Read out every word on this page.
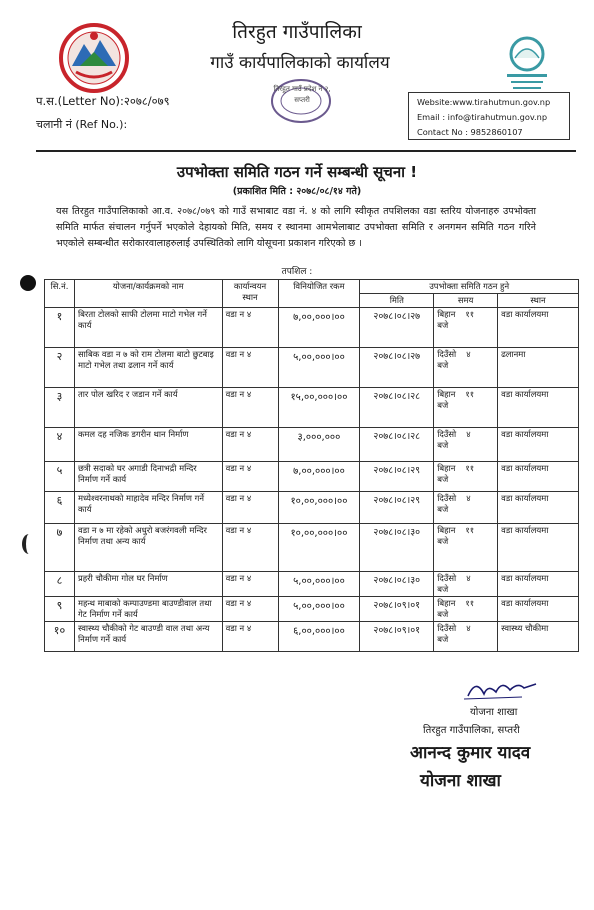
तिरहुत गाउँपालिका
गाउँ कार्यपालिकाको कार्यालय
तिरहुत गाउँ प्रदेश नं २, सप्तरी
प.स.(Letter No):२०७८/०७९
चलानी नं (Ref No.):
Website:www.tirahutmun.gov.np
Email : info@tirahutmun.gov.np
Contact No : 9852860107
उपभोक्ता समिति गठन गर्ने सम्बन्धी सूचना !
(प्रकाशित मिति : २०७८/०८/१४ गते)
यस तिरहुत गाउँपालिकाको आ.व. २०७८/०७९ को गाउँ सभाबाट वडा नं. ४ को लागि स्वीकृत तपशिलका वडा स्तरिय योजनाहरु उपभोक्ता समिति मार्फत संचालन गर्नुपर्ने भएकोले देहायको मिति, समय र स्थानमा आमभेलाबाट उपभोक्ता समिति र अनगमन समिति गठन गरिने भएकोले सम्बन्धीत सरोकारवालाहरुलाई उपस्थितिको लागि योसूचना प्रकाशन गरिएको छ ।
तपशिल :
सि.नं.	योजना/कार्यक्रमको नाम	कार्यान्वयन स्थान	विनियोजित रकम	उपभोक्ता समिति गठन हुने		
				मिति	समय	स्थान
१	बिरता टोलको साफी टोलमा माटो गभेल गर्ने कार्य	वडा न ४	७,००,०००।००	२०७८।०८।२७	बिहान ११
बजे	वडा कार्यालयमा
२	साबिक वडा न ७ को राम टोलमा बाटो छुटबाइ माटो गभेल तथा ढलान गर्ने कार्य	वडा न ४	५,००,०००।००	२०७८।०८।२७	दिउँसो ४
बजे	ढलानमा
३	तार पोल खरिद र जडान गर्ने कार्य	वडा न ४	१५,००,०००।००	२०७८।०८।२८	बिहान ११
बजे	वडा कार्यालयमा
४	कमल दह नजिक डगरीन थान निर्माण	वडा न ४	३,०००,०००	२०७८।०८।२८	दिउँसो ४
बजे	वडा कार्यालयमा
५	छत्री सदाको घर अगाडी दिनाभद्री मन्दिर निर्माण गर्ने कार्य	वडा न ४	७,००,०००।००	२०७८।०८।२९	बिहान ११
बजे	वडा कार्यालयमा
६	मध्येश्वरनाथको माहादेव मन्दिर निर्माण गर्ने कार्य	वडा न ४	१०,००,०००।००	२०७८।०८।२९	दिउँसो ४
बजे	वडा कार्यालयमा
७	वडा न ७ मा रहेको अधुरो बजरंगवली मन्दिर निर्माण तथा अन्य कार्य	वडा न ४	१०,००,०००।००	२०७८।०८।३०	बिहान ११
बजे	वडा कार्यालयमा
८	प्रहरी चौकीमा गोल घर निर्माण	वडा न ४	५,००,०००।००	२०७८।०८।३०	दिउँसो ४
बजे	वडा कार्यालयमा
९	महन्थ माबाको कम्पाउण्डमा बाउण्डीवाल तथा गेट निर्माण गर्ने कार्य	वडा न ४	५,००,०००।००	२०७८।०९।०१	बिहान ११
बजे	वडा कार्यालयमा
१०	स्वास्थ्य चौकीको गेट बाउण्डी वाल तथा अन्य निर्माण गर्ने कार्य	वडा न ४	६,००,०००।००	२०७८।०९।०१	दिउँसो ४
बजे	स्वास्थ्य चौकीमा
योजना शाखा
तिरहुत गाउँपालिका, सप्तरी
आनन्द कुमार यादव
योजना शाखा
